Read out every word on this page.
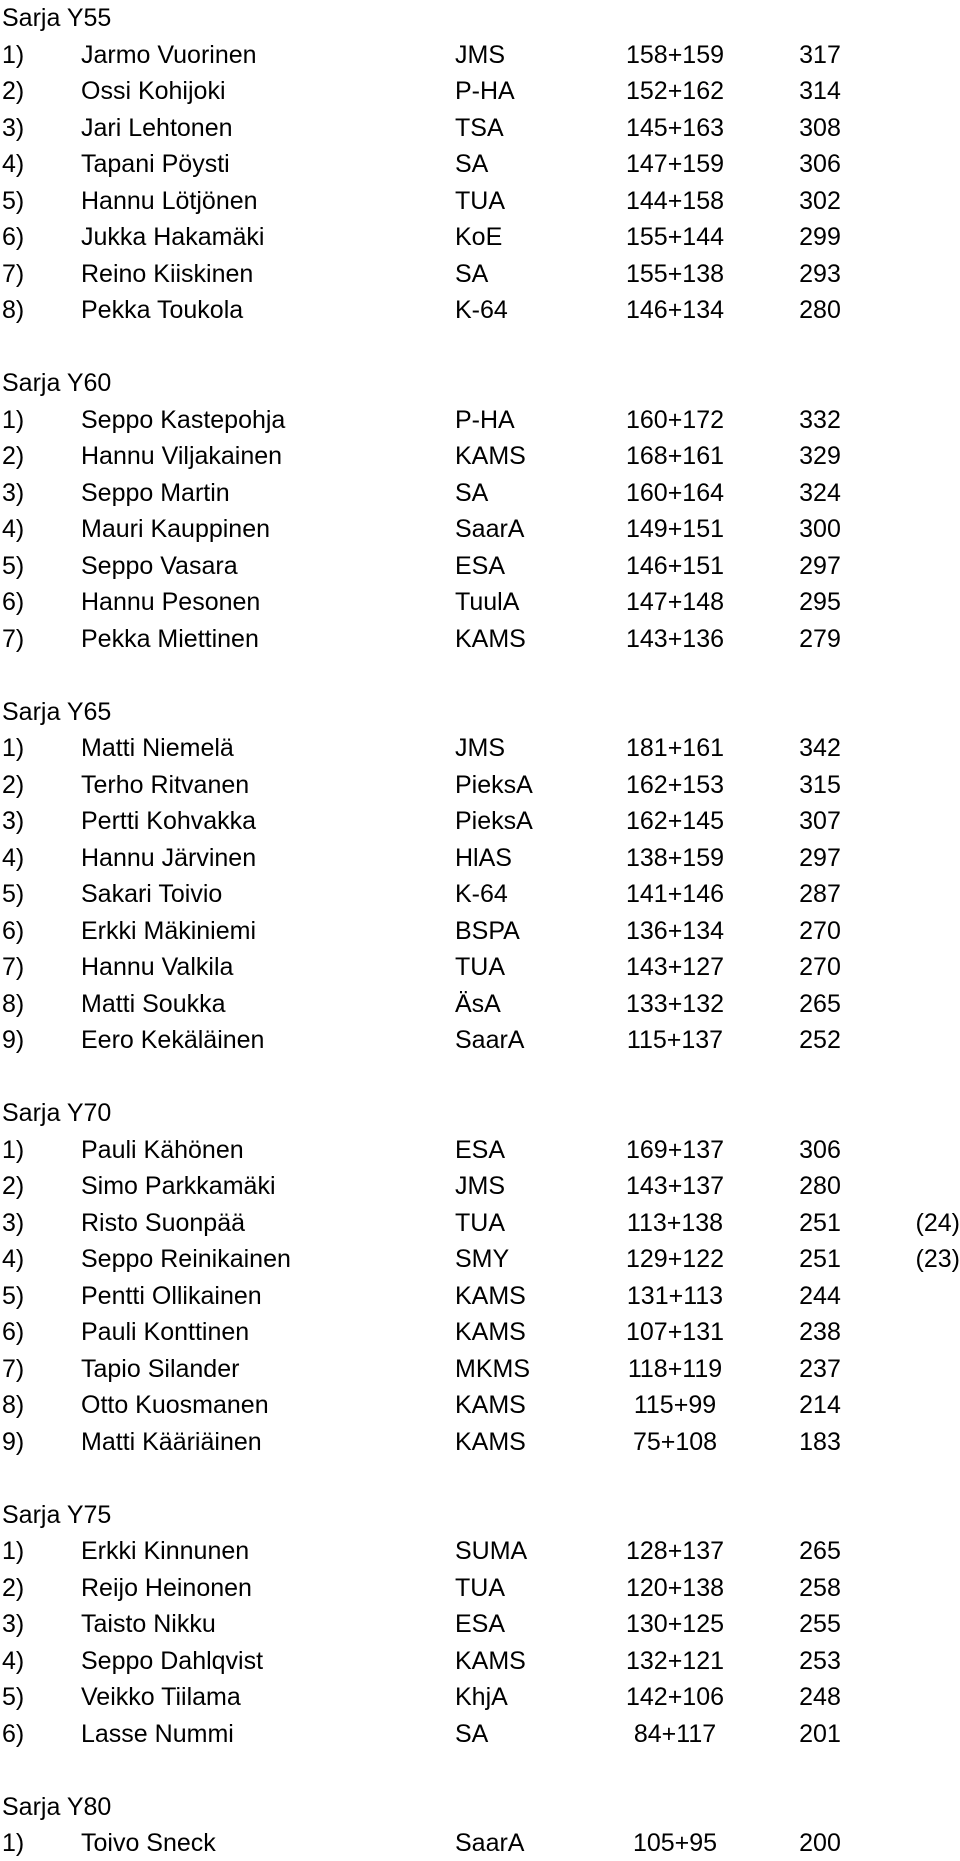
Sarja Y55
1) Jarmo Vuorinen	JMS	158+159	317
2) Ossi Kohijoki	P-HA	152+162	314
3) Jari Lehtonen	TSA	145+163	308
4) Tapani Pöysti	SA	147+159	306
5) Hannu Lötjönen	TUA	144+158	302
6) Jukka Hakamäki	KoE	155+144	299
7) Reino Kiiskinen	SA	155+138	293
8) Pekka Toukola	K-64	146+134	280
Sarja Y60
1) Seppo Kastepohja	P-HA	160+172	332
2) Hannu Viljakainen	KAMS	168+161	329
3) Seppo Martin	SA	160+164	324
4) Mauri Kauppinen	SaarA	149+151	300
5) Seppo Vasara	ESA	146+151	297
6) Hannu Pesonen	TuulA	147+148	295
7) Pekka Miettinen	KAMS	143+136	279
Sarja Y65
1) Matti Niemelä	JMS	181+161	342
2) Terho Ritvanen	PieksA	162+153	315
3) Pertti Kohvakka	PieksA	162+145	307
4) Hannu Järvinen	HlAS	138+159	297
5) Sakari Toivio	K-64	141+146	287
6) Erkki Mäkiniemi	BSPA	136+134	270
7) Hannu Valkila	TUA	143+127	270
8) Matti Soukka	ÄsA	133+132	265
9) Eero Kekäläinen	SaarA	115+137	252
Sarja Y70
1) Pauli Kähönen	ESA	169+137	306
2) Simo Parkkamäki	JMS	143+137	280
3) Risto Suonpää	TUA	113+138	251	(24)
4) Seppo Reinikainen	SMY	129+122	251	(23)
5) Pentti Ollikainen	KAMS	131+113	244
6) Pauli Konttinen	KAMS	107+131	238
7) Tapio Silander	MKMS	118+119	237
8) Otto Kuosmanen	KAMS	115+99	214
9) Matti Kääriäinen	KAMS	75+108	183
Sarja Y75
1) Erkki Kinnunen	SUMA	128+137	265
2) Reijo Heinonen	TUA	120+138	258
3) Taisto Nikku	ESA	130+125	255
4) Seppo Dahlqvist	KAMS	132+121	253
5) Veikko Tiilama	KhjA	142+106	248
6) Lasse Nummi	SA	84+117	201
Sarja Y80
1) Toivo Sneck	SaarA	105+95	200
